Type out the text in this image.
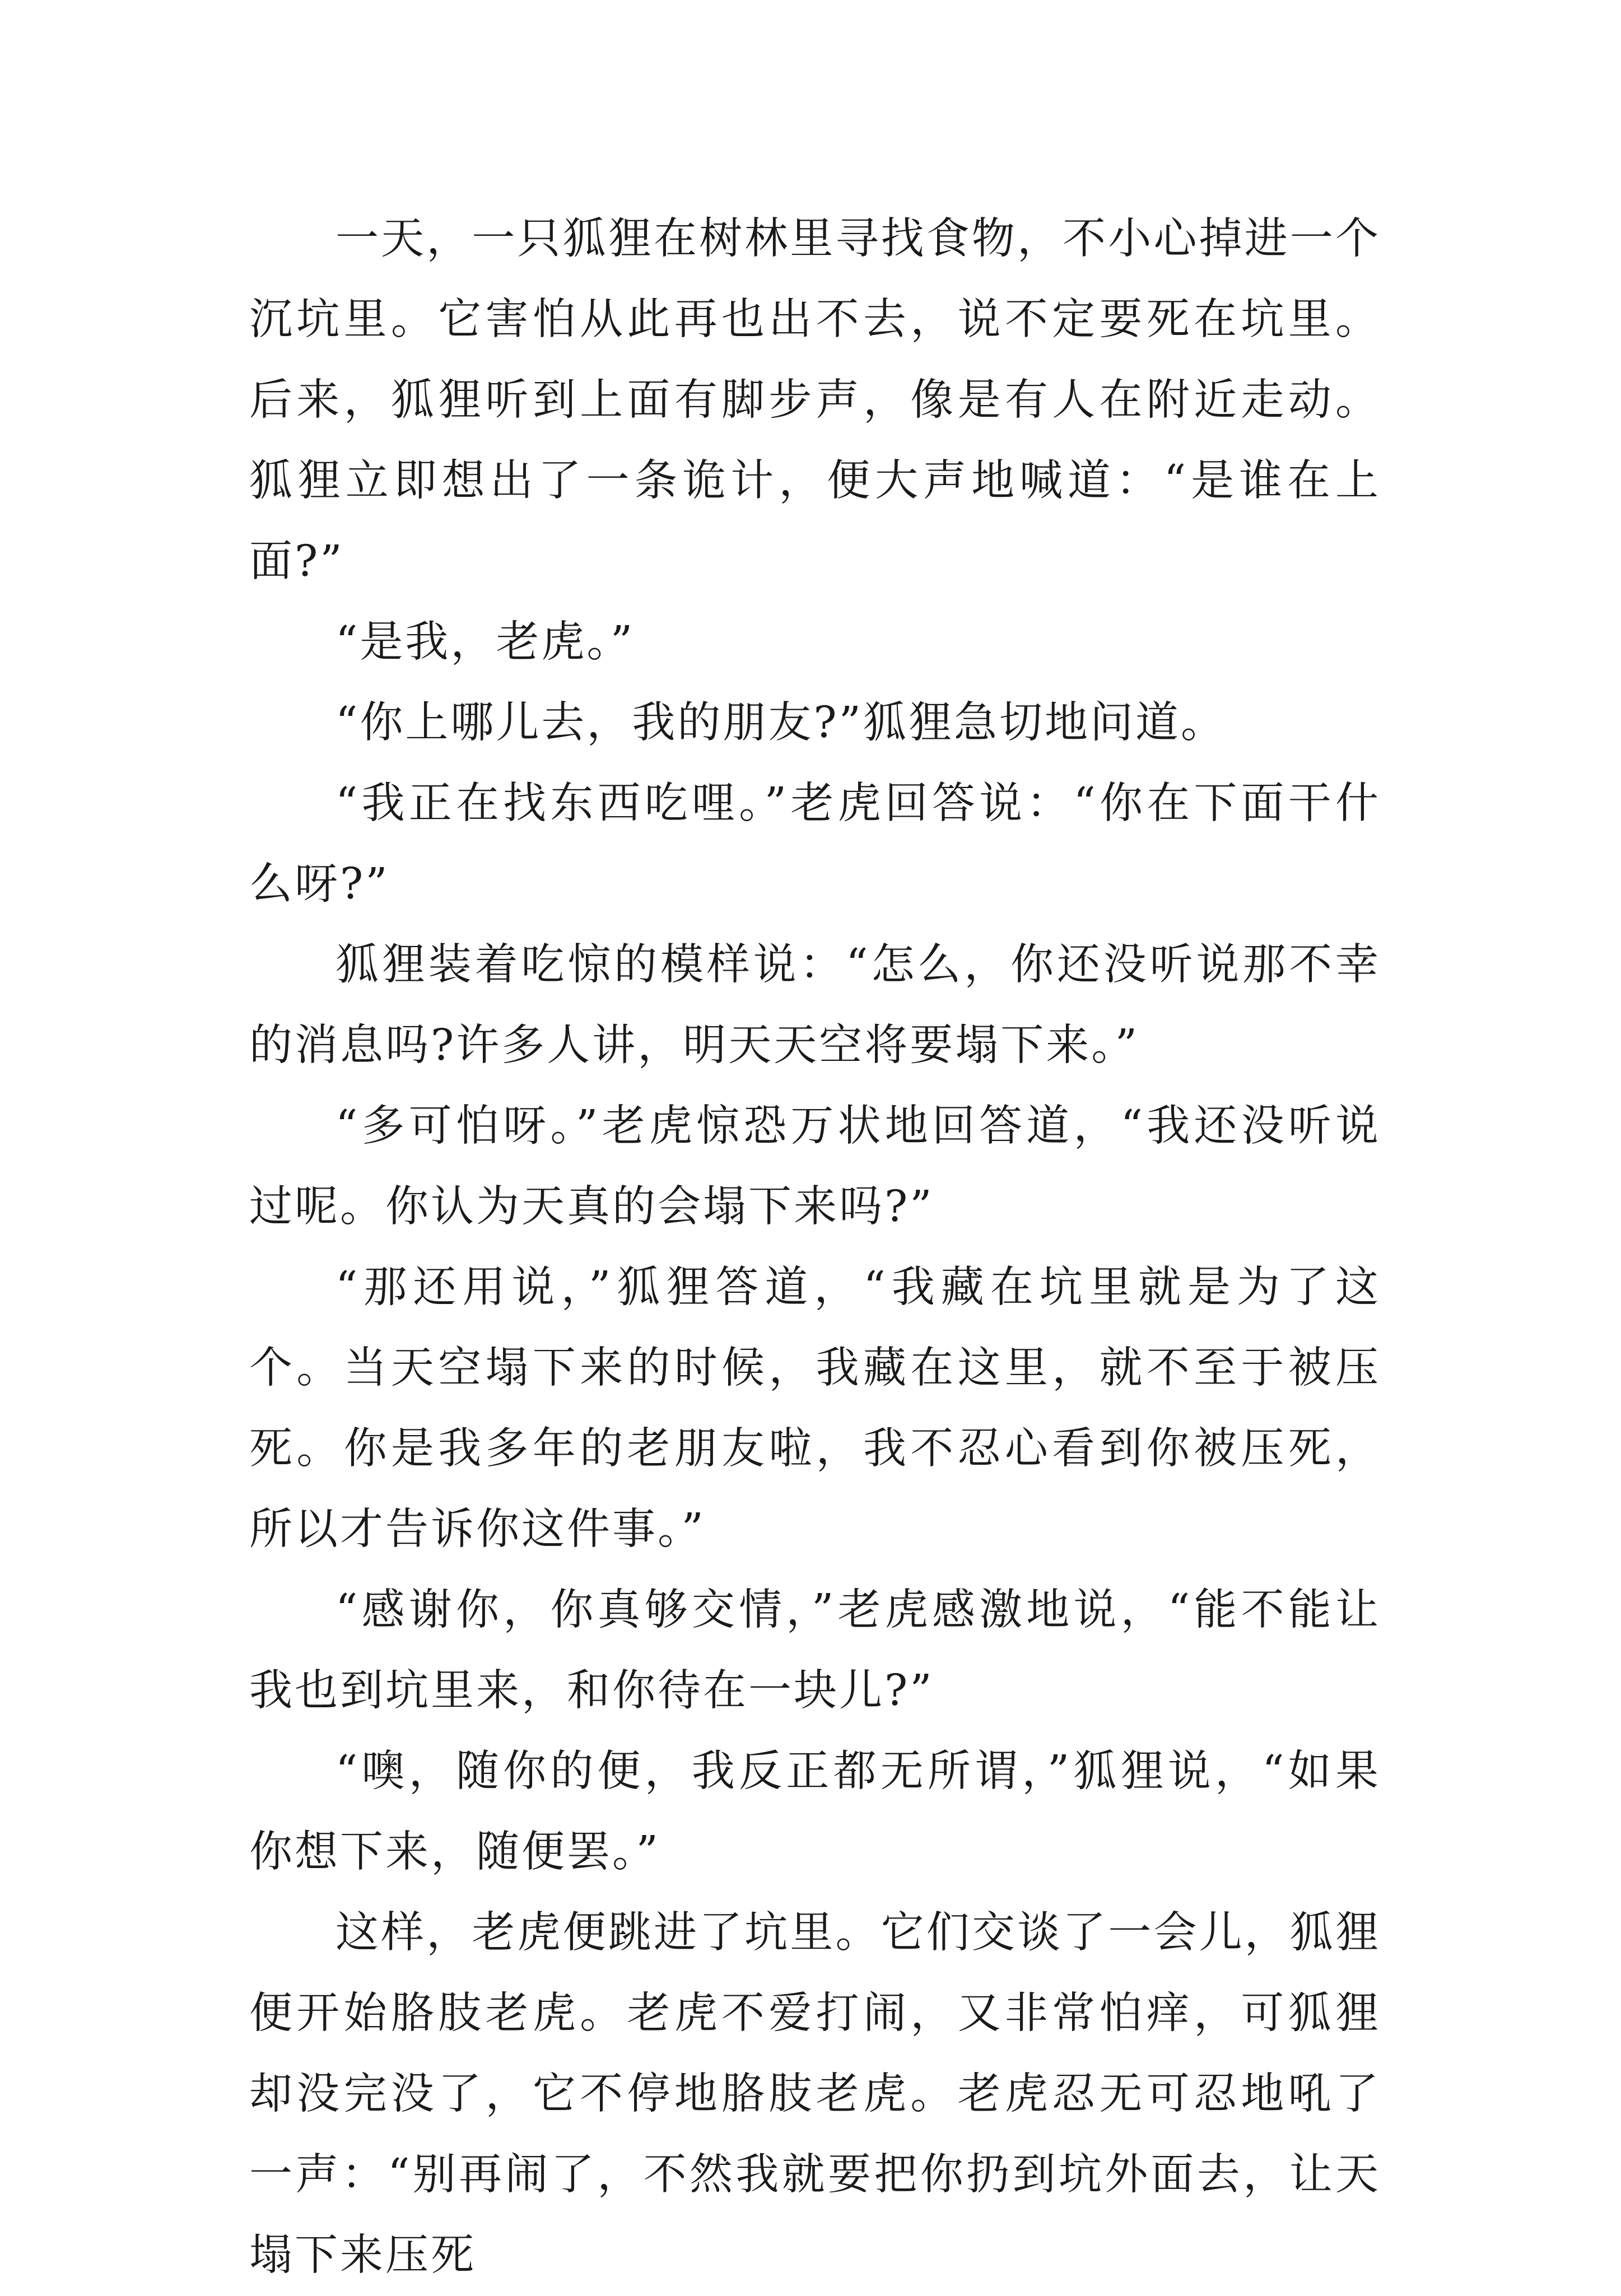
一天，一只狐狸在树林里寻找食物，不小心掉进一个沉坑里。它害怕从此再也出不去，说不定要死在坑里。后来，狐狸听到上面有脚步声，像是有人在附近走动。狐狸立即想出了一条诡计，便大声地喊道：“是谁在上面?”

“是我，老虎。”

“你上哪儿去，我的朋友?”狐狸急切地问道。

“我正在找东西吃哩。”老虎回答说：“你在下面干什么呀?”

狐狸装着吃惊的模样说：“怎么，你还没听说那不幸的消息吗?许多人讲，明天天空将要塌下来。”

“多可怕呀。”老虎惊恐万状地回答道，“我还没听说过呢。你认为天真的会塌下来吗?”

“那还用说，”狐狸答道，“我藏在坑里就是为了这个。当天空塌下来的时候，我藏在这里，就不至于被压死。你是我多年的老朋友啦，我不忍心看到你被压死，所以才告诉你这件事。”

“感谢你，你真够交情，”老虎感激地说，“能不能让我也到坑里来，和你待在一块儿?”

“噢，随你的便，我反正都无所谓，”狐狸说，“如果你想下来，随便罢。”

这样，老虎便跳进了坑里。它们交谈了一会儿，狐狸便开始胳肢老虎。老虎不爱打闹，又非常怕痒，可狐狸却没完没了，它不停地胳肢老虎。老虎忍无可忍地吼了一声：“别再闹了，不然我就要把你扔到坑外面去，让天塌下来压死
